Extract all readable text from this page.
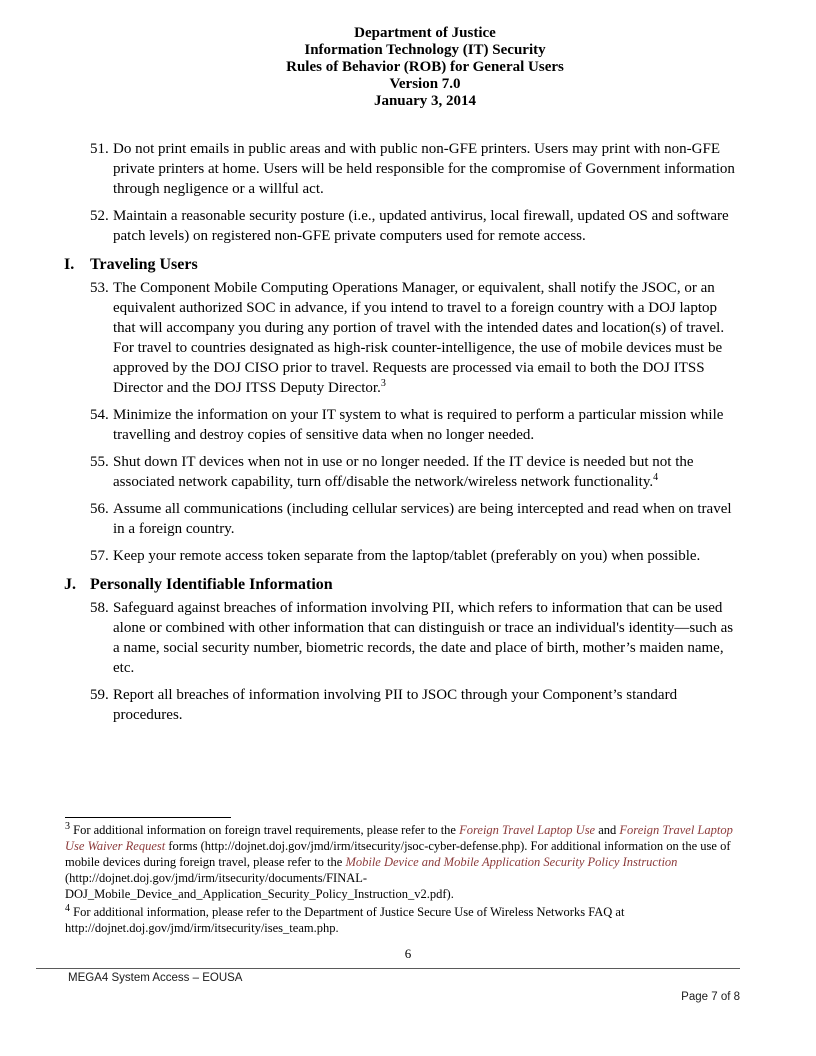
Department of Justice
Information Technology (IT) Security
Rules of Behavior (ROB) for General Users
Version 7.0
January 3, 2014
51. Do not print emails in public areas and with public non-GFE printers. Users may print with non-GFE private printers at home. Users will be held responsible for the compromise of Government information through negligence or a willful act.
52. Maintain a reasonable security posture (i.e., updated antivirus, local firewall, updated OS and software patch levels) on registered non-GFE private computers used for remote access.
I. Traveling Users
53. The Component Mobile Computing Operations Manager, or equivalent, shall notify the JSOC, or an equivalent authorized SOC in advance, if you intend to travel to a foreign country with a DOJ laptop that will accompany you during any portion of travel with the intended dates and location(s) of travel. For travel to countries designated as high-risk counter-intelligence, the use of mobile devices must be approved by the DOJ CISO prior to travel. Requests are processed via email to both the DOJ ITSS Director and the DOJ ITSS Deputy Director.$^3$
54. Minimize the information on your IT system to what is required to perform a particular mission while travelling and destroy copies of sensitive data when no longer needed.
55. Shut down IT devices when not in use or no longer needed. If the IT device is needed but not the associated network capability, turn off/disable the network/wireless network functionality.$^4$
56. Assume all communications (including cellular services) are being intercepted and read when on travel in a foreign country.
57. Keep your remote access token separate from the laptop/tablet (preferably on you) when possible.
J. Personally Identifiable Information
58. Safeguard against breaches of information involving PII, which refers to information that can be used alone or combined with other information that can distinguish or trace an individual's identity—such as a name, social security number, biometric records, the date and place of birth, mother’s maiden name, etc.
59. Report all breaches of information involving PII to JSOC through your Component’s standard procedures.

$^3$ For additional information on foreign travel requirements, please refer to the Foreign Travel Laptop Use and Foreign Travel Laptop Use Waiver Request forms (http://dojnet.doj.gov/jmd/irm/itsecurity/jsoc-cyber-defense.php). For additional information on the use of mobile devices during foreign travel, please refer to the Mobile Device and Mobile Application Security Policy Instruction (http://dojnet.doj.gov/jmd/irm/itsecurity/documents/FINAL-DOJ_Mobile_Device_and_Application_Security_Policy_Instruction_v2.pdf).

$^4$ For additional information, please refer to the Department of Justice Secure Use of Wireless Networks FAQ at http://dojnet.doj.gov/jmd/irm/itsecurity/ises_team.php.

6
MEGA4 System Access – EOUSA
Page 7 of 8
